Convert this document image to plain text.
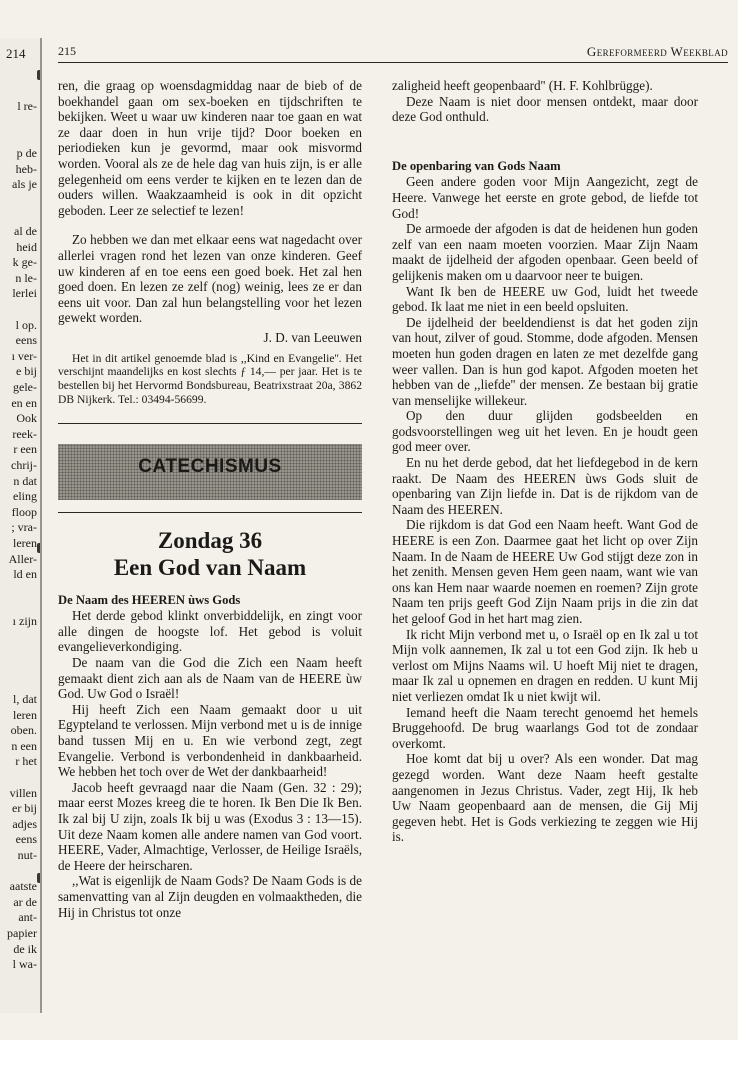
214
l re-
p de
heb-
als je
al de
heid
k ge-
n le-
lerlei
l op.
eens
ı ver-
e bij
gele-
en en
Ook
reek-
r een
chrij-
n dat
eling
floop
; vra-
leren
Aller-
ld en
ı zijn
l, dat
leren
oben.
n een
r het
villen
er bij
adjes
eens
nut-
aatste
ar de
ant-
papier
de ik
l wa-
215	Gereformeerd Weekblad

ren, die graag op woensdagmiddag naar de bieb of de boekhandel gaan om sex-boeken en tijdschriften te bekijken. Weet u waar uw kinderen naar toe gaan en wat ze daar doen in hun vrije tijd? Door boeken en periodieken kun je gevormd, maar ook misvormd worden. Vooral als ze de hele dag van huis zijn, is er alle gelegenheid om eens verder te kijken en te lezen dan de ouders willen. Waakzaamheid is ook in dit opzicht geboden. Leer ze selectief te lezen!

Zo hebben we dan met elkaar eens wat nagedacht over allerlei vragen rond het lezen van onze kinderen. Geef uw kinderen af en toe eens een goed boek. Het zal hen goed doen. En lezen ze zelf (nog) weinig, lees ze er dan eens uit voor. Dan zal hun belangstelling voor het lezen gewekt worden.

J. D. van Leeuwen

Het in dit artikel genoemde blad is ,,Kind en Evangelie''. Het verschijnt maandelijks en kost slechts ƒ 14,— per jaar. Het is te bestellen bij het Hervormd Bondsbureau, Beatrixstraat 20a, 3862 DB Nijkerk. Tel.: 03494-56699.

CATECHISMUS
Zondag 36
Een God van Naam

De Naam des HEEREN ùws Gods

Het derde gebod klinkt onverbiddelijk, en zingt voor alle dingen de hoogste lof. Het gebod is voluit evangelieverkondiging.

De naam van die God die Zich een Naam heeft gemaakt dient zich aan als de Naam van de HEERE ùw God. Uw God o Israël!

Hij heeft Zich een Naam gemaakt door u uit Egypteland te verlossen. Mijn verbond met u is de innige band tussen Mij en u. En wie verbond zegt, zegt Evangelie. Verbond is verbondenheid in dankbaarheid. We hebben het toch over de Wet der dankbaarheid!

Jacob heeft gevraagd naar die Naam (Gen. 32 : 29); maar eerst Mozes kreeg die te horen. Ik Ben Die Ik Ben. Ik zal bij U zijn, zoals Ik bij u was (Exodus 3 : 13—15). Uit deze Naam komen alle andere namen van God voort. HEERE, Vader, Almachtige, Verlosser, de Heilige Israëls, de Heere der heirscharen.

,,Wat is eigenlijk de Naam Gods? De Naam Gods is de samenvatting van al Zijn deugden en volmaaktheden, die Hij in Christus tot onze

zaligheid heeft geopenbaard'' (H. F. Kohlbrügge).

Deze Naam is niet door mensen ontdekt, maar door deze God onthuld.

De openbaring van Gods Naam

Geen andere goden voor Mijn Aangezicht, zegt de Heere. Vanwege het eerste en grote gebod, de liefde tot God!

De armoede der afgoden is dat de heidenen hun goden zelf van een naam moeten voorzien. Maar Zijn Naam maakt de ijdelheid der afgoden openbaar. Geen beeld of gelijkenis maken om u daarvoor neer te buigen.

Want Ik ben de HEERE uw God, luidt het tweede gebod. Ik laat me niet in een beeld opsluiten.

De ijdelheid der beeldendienst is dat het goden zijn van hout, zilver of goud. Stomme, dode afgoden. Mensen moeten hun goden dragen en laten ze met dezelfde gang weer vallen. Dan is hun god kapot. Afgoden moeten het hebben van de ,,liefde'' der mensen. Ze bestaan bij gratie van menselijke willekeur.

Op den duur glijden godsbeelden en godsvoorstellingen weg uit het leven. En je houdt geen god meer over.

En nu het derde gebod, dat het liefdegebod in de kern raakt. De Naam des HEEREN ùws Gods sluit de openbaring van Zijn liefde in. Dat is de rijkdom van de Naam des HEEREN.

Die rijkdom is dat God een Naam heeft. Want God de HEERE is een Zon. Daarmee gaat het licht op over Zijn Naam. In de Naam de HEERE Uw God stijgt deze zon in het zenith. Mensen geven Hem geen naam, want wie van ons kan Hem naar waarde noemen en roemen? Zijn grote Naam ten prijs geeft God Zijn Naam prijs in die zin dat het geloof God in het hart mag zien.

Ik richt Mijn verbond met u, o Israël op en Ik zal u tot Mijn volk aannemen, Ik zal u tot een God zijn. Ik heb u verlost om Mijns Naams wil. U hoeft Mij niet te dragen, maar Ik zal u opnemen en dragen en redden. U kunt Mij niet verliezen omdat Ik u niet kwijt wil.

Iemand heeft die Naam terecht genoemd het hemels Bruggehoofd. De brug waarlangs God tot de zondaar overkomt.

Hoe komt dat bij u over? Als een wonder. Dat mag gezegd worden. Want deze Naam heeft gestalte aangenomen in Jezus Christus. Vader, zegt Hij, Ik heb Uw Naam geopenbaard aan de mensen, die Gij Mij gegeven hebt. Het is Gods verkiezing te zeggen wie Hij is.
